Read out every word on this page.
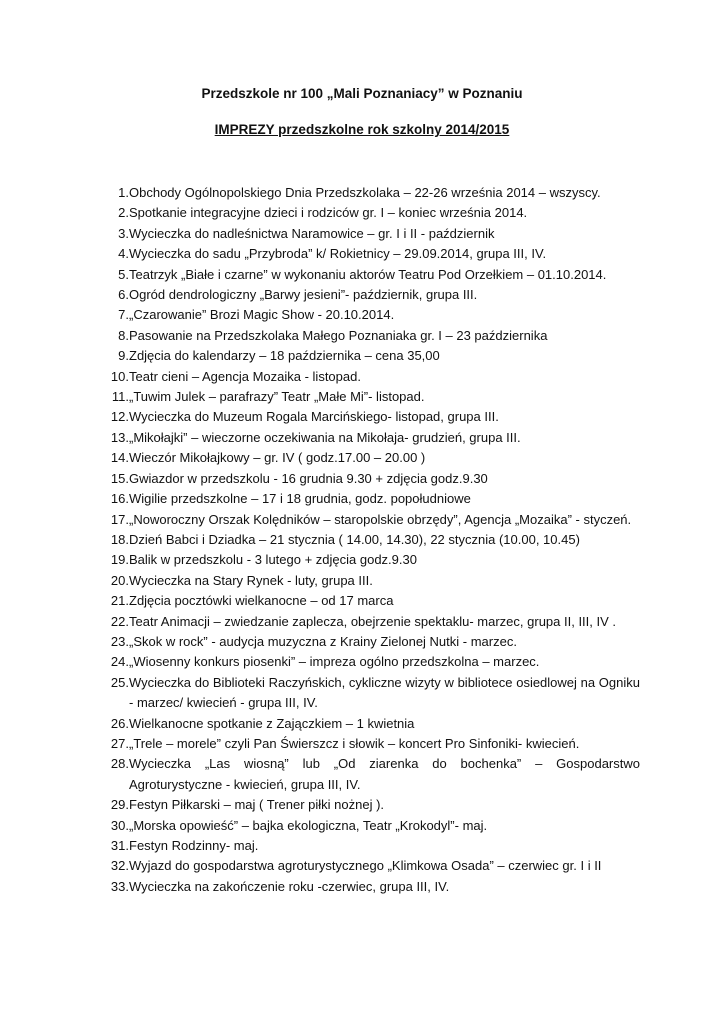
Przedszkole nr 100 „Mali Poznaniacy” w Poznaniu
IMPREZY przedszkolne rok szkolny 2014/2015
1. Obchody Ogólnopolskiego Dnia Przedszkolaka – 22-26 września 2014 – wszyscy.
2. Spotkanie integracyjne dzieci i rodziców gr. I – koniec września 2014.
3. Wycieczka do nadleśnictwa Naramowice – gr. I i II - październik
4. Wycieczka do sadu „Przybroda” k/ Rokietnicy – 29.09.2014, grupa III, IV.
5. Teatrzyk „Białe i czarne” w wykonaniu aktorów Teatru Pod Orzełkiem – 01.10.2014.
6. Ogród dendrologiczny „Barwy jesieni”- październik, grupa III.
7. „Czarowanie” Brozi Magic Show - 20.10.2014.
8. Pasowanie na Przedszkolaka Małego Poznaniaka gr. I – 23 października
9. Zdjęcia do kalendarzy – 18 października – cena 35,00
10. Teatr cieni – Agencja Mozaika - listopad.
11. „Tuwim Julek – parafrazy” Teatr „Małe Mi”- listopad.
12. Wycieczka do Muzeum Rogala Marcińskiego- listopad, grupa III.
13. „Mikołajki” – wieczorne oczekiwania na Mikołaja- grudzień, grupa III.
14. Wieczór Mikołajkowy – gr. IV ( godz.17.00 – 20.00 )
15. Gwiazdor w przedszkolu - 16 grudnia 9.30 + zdjęcia godz.9.30
16. Wigilie przedszkolne – 17 i 18 grudnia, godz. popołudniowe
17. „Noworoczny Orszak Kolędników – staropolskie obrzędy”, Agencja „Mozaika” - styczeń.
18. Dzień Babci i Dziadka – 21 stycznia ( 14.00, 14.30), 22 stycznia (10.00, 10.45)
19. Balik w przedszkolu - 3 lutego + zdjęcia godz.9.30
20. Wycieczka na Stary Rynek - luty, grupa III.
21. Zdjęcia pocztówki wielkanocne – od 17 marca
22. Teatr Animacji – zwiedzanie zaplecza, obejrzenie spektaklu- marzec, grupa II, III, IV .
23. „Skok w rock” - audycja muzyczna z Krainy Zielonej Nutki - marzec.
24. „Wiosenny konkurs piosenki” – impreza ogólno przedszkolna – marzec.
25. Wycieczka do Biblioteki Raczyńskich, cykliczne wizyty w bibliotece osiedlowej na Ogniku - marzec/ kwiecień - grupa III, IV.
26. Wielkanocne spotkanie z Zajączkiem – 1 kwietnia
27. „Trele – morele” czyli Pan Świerszcz i słowik – koncert Pro Sinfoniki- kwiecień.
28. Wycieczka „Las wiosną” lub „Od ziarenka do bochenka” – Gospodarstwo Agroturystyczne - kwiecień, grupa III, IV.
29. Festyn Piłkarski – maj ( Trener piłki nożnej ).
30. „Morska opowieść” – bajka ekologiczna, Teatr „Krokodyl”- maj.
31. Festyn Rodzinny- maj.
32. Wyjazd do gospodarstwa agroturystycznego „Klimkowa Osada” – czerwiec gr. I i II
33. Wycieczka na zakończenie roku -czerwiec, grupa III, IV.
